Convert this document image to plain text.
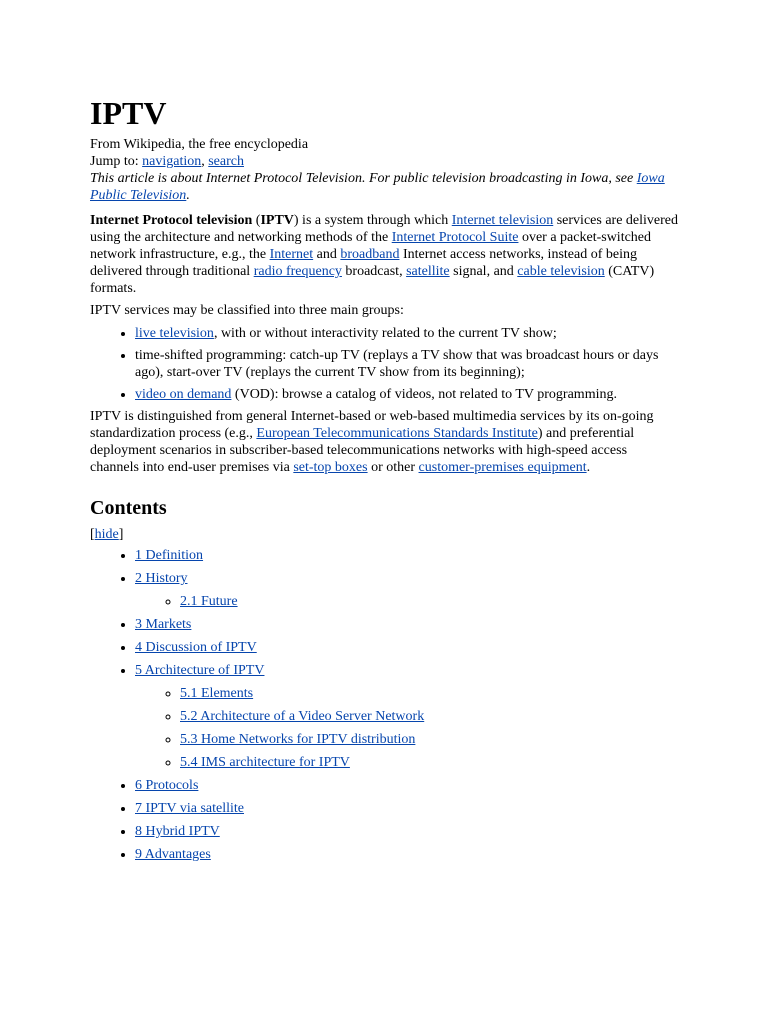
IPTV

From Wikipedia, the free encyclopedia

Jump to: navigation, search

This article is about Internet Protocol Television. For public television broadcasting in Iowa, see Iowa Public Television.

Internet Protocol television (IPTV) is a system through which Internet television services are delivered using the architecture and networking methods of the Internet Protocol Suite over a packet-switched network infrastructure, e.g., the Internet and broadband Internet access networks, instead of being delivered through traditional radio frequency broadcast, satellite signal, and cable television (CATV) formats.

IPTV services may be classified into three main groups:

• live television, with or without interactivity related to the current TV show;
• time-shifted programming: catch-up TV (replays a TV show that was broadcast hours or days ago), start-over TV (replays the current TV show from its beginning);
• video on demand (VOD): browse a catalog of videos, not related to TV programming.

IPTV is distinguished from general Internet-based or web-based multimedia services by its on-going standardization process (e.g., European Telecommunications Standards Institute) and preferential deployment scenarios in subscriber-based telecommunications networks with high-speed access channels into end-user premises via set-top boxes or other customer-premises equipment.

Contents

[hide]

• 1 Definition
• 2 History
◦ 2.1 Future
• 3 Markets
• 4 Discussion of IPTV
• 5 Architecture of IPTV
◦ 5.1 Elements
◦ 5.2 Architecture of a Video Server Network
◦ 5.3 Home Networks for IPTV distribution
◦ 5.4 IMS architecture for IPTV
• 6 Protocols
• 7 IPTV via satellite
• 8 Hybrid IPTV
• 9 Advantages
